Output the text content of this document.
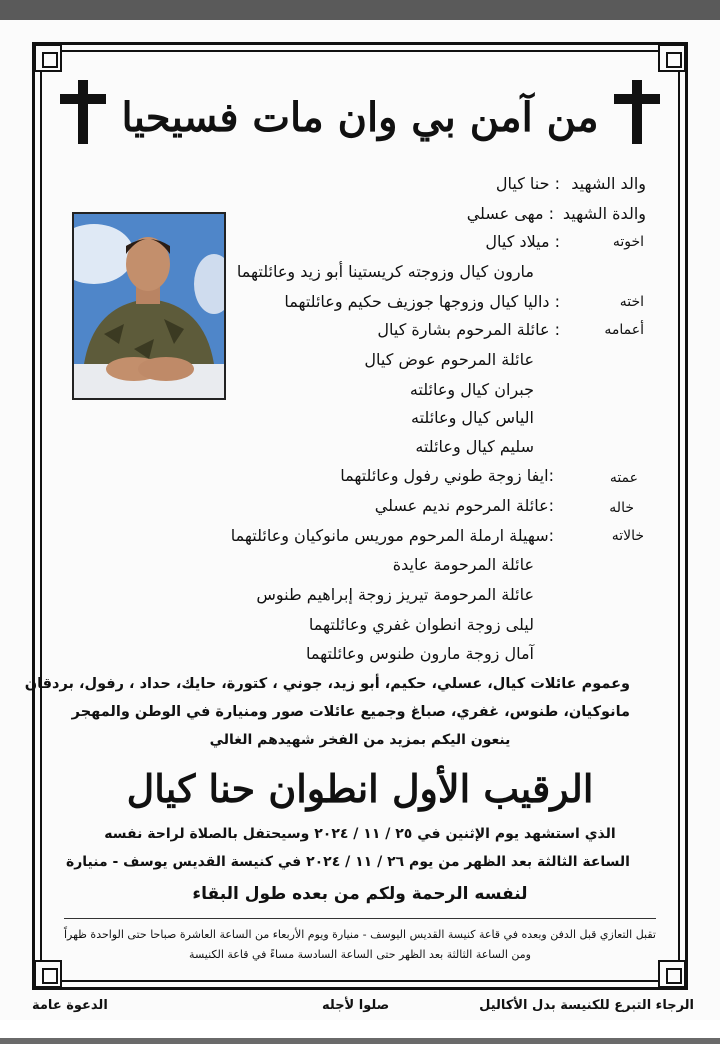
من آمن بي وان مات فسيحيا
والد الشهيد
: حنا كيال
والدة الشهيد
: مهى عسلي
اخوته
: ميلاد كيال
مارون كيال وزوجته كريستينا أبو زيد وعائلتهما
اخته
: داليا كيال وزوجها جوزيف حكيم وعائلتهما
أعمامه
: عائلة المرحوم بشارة كيال
عائلة المرحوم عوض كيال
جبران كيال وعائلته
الياس كيال وعائلته
سليم كيال وعائلته
عمته
:ايفا زوجة طوني رفول وعائلتهما
خاله
:عائلة المرحوم نديم عسلي
خالاته
:سهيلة ارملة المرحوم موريس مانوكيان وعائلتهما
عائلة المرحومة عايدة
عائلة المرحومة تيريز زوجة إبراهيم طنوس
ليلى زوجة انطوان غفري وعائلتهما
آمال زوجة مارون طنوس وعائلتهما
وعموم عائلات كيال، عسلي، حكيم، أبو زيد، جوني ، كتورة، حايك، حداد ، رفول، بردقان
مانوكيان، طنوس، غفري، صباغ وجميع عائلات صور ومنيارة في الوطن والمهجر
ينعون اليكم بمزيد من الفخر شهيدهم الغالي
الرقيب الأول انطوان حنا كيال
الذي استشهد يوم الإثنين في ٢٥ / ١١ / ٢٠٢٤ وسيحتفل بالصلاة لراحة نفسه
الساعة الثالثة بعد الظهر من يوم ٢٦ / ١١ / ٢٠٢٤ في كنيسة القديس يوسف - منيارة
لنفسه الرحمة ولكم من بعده طول البقاء
تقبل التعازي قبل الدفن وبعده في قاعة كنيسة القديس اليوسف - منيارة ويوم الأربعاء من الساعة العاشرة صباحا حتى الواحدة ظهراً
ومن الساعة الثالثة بعد الظهر حتى الساعة السادسة مساءً في قاعة الكنيسة
الرجاء التبرع للكنيسة بدل الأكاليل
صلوا لأجله
الدعوة عامة
